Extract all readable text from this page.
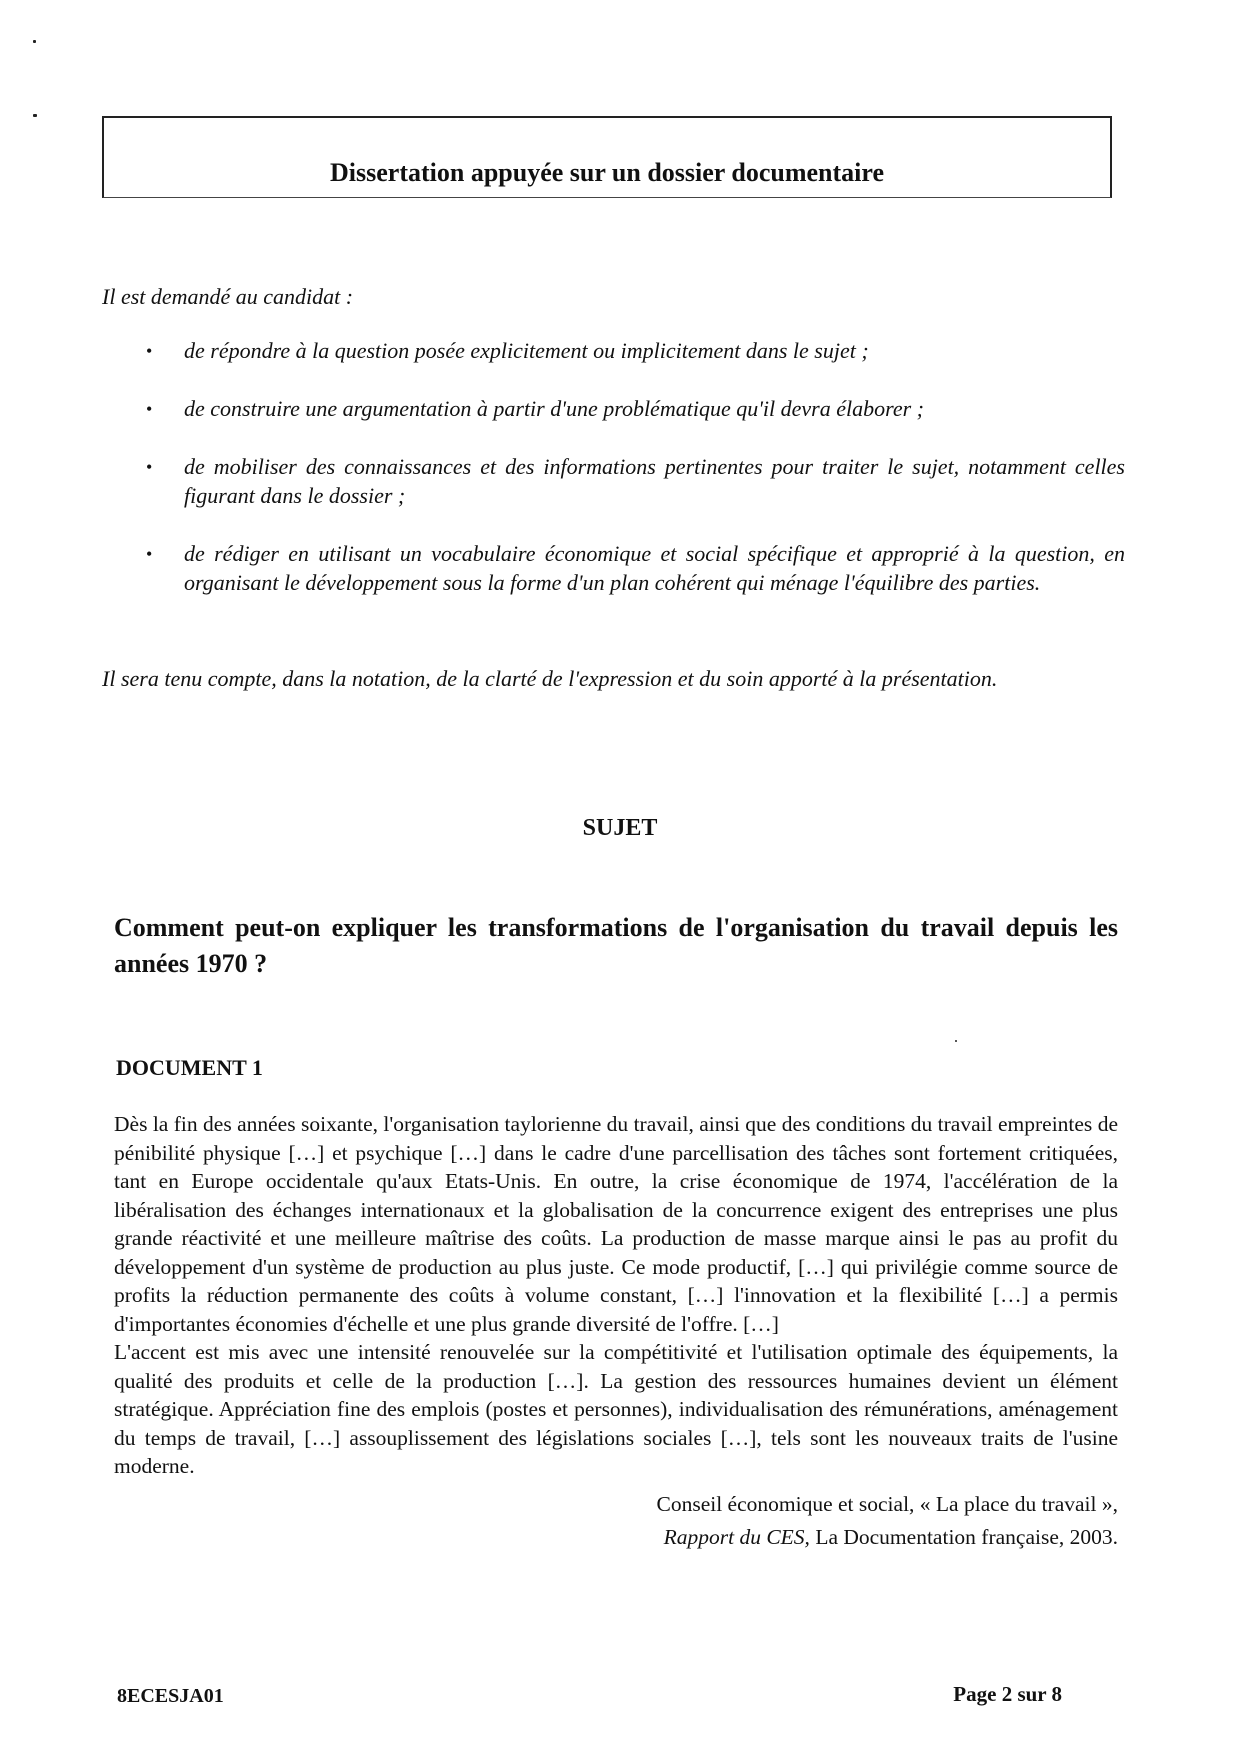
Dissertation appuyée sur un dossier documentaire
Il est demandé au candidat :
• de répondre à la question posée explicitement ou implicitement dans le sujet ;
• de construire une argumentation à partir d'une problématique qu'il devra élaborer ;
• de mobiliser des connaissances et des informations pertinentes pour traiter le sujet, notamment celles figurant dans le dossier ;
• de rédiger en utilisant un vocabulaire économique et social spécifique et approprié à la question, en organisant le développement sous la forme d'un plan cohérent qui ménage l'équilibre des parties.
Il sera tenu compte, dans la notation, de la clarté de l'expression et du soin apporté à la présentation.
SUJET
Comment peut-on expliquer les transformations de l'organisation du travail depuis les années 1970 ?
DOCUMENT 1
Dès la fin des années soixante, l'organisation taylorienne du travail, ainsi que des conditions du travail empreintes de pénibilité physique […] et psychique […] dans le cadre d'une parcellisation des tâches sont fortement critiquées, tant en Europe occidentale qu'aux Etats-Unis. En outre, la crise économique de 1974, l'accélération de la libéralisation des échanges internationaux et la globalisation de la concurrence exigent des entreprises une plus grande réactivité et une meilleure maîtrise des coûts. La production de masse marque ainsi le pas au profit du développement d'un système de production au plus juste. Ce mode productif, […] qui privilégie comme source de profits la réduction permanente des coûts à volume constant, […] l'innovation et la flexibilité […] a permis d'importantes économies d'échelle et une plus grande diversité de l'offre. […]
L'accent est mis avec une intensité renouvelée sur la compétitivité et l'utilisation optimale des équipements, la qualité des produits et celle de la production […]. La gestion des ressources humaines devient un élément stratégique. Appréciation fine des emplois (postes et personnes), individualisation des rémunérations, aménagement du temps de travail, […] assouplissement des législations sociales […], tels sont les nouveaux traits de l'usine moderne.
Conseil économique et social, « La place du travail »,
Rapport du CES, La Documentation française, 2003.
8ECESJA01	Page 2 sur 8
